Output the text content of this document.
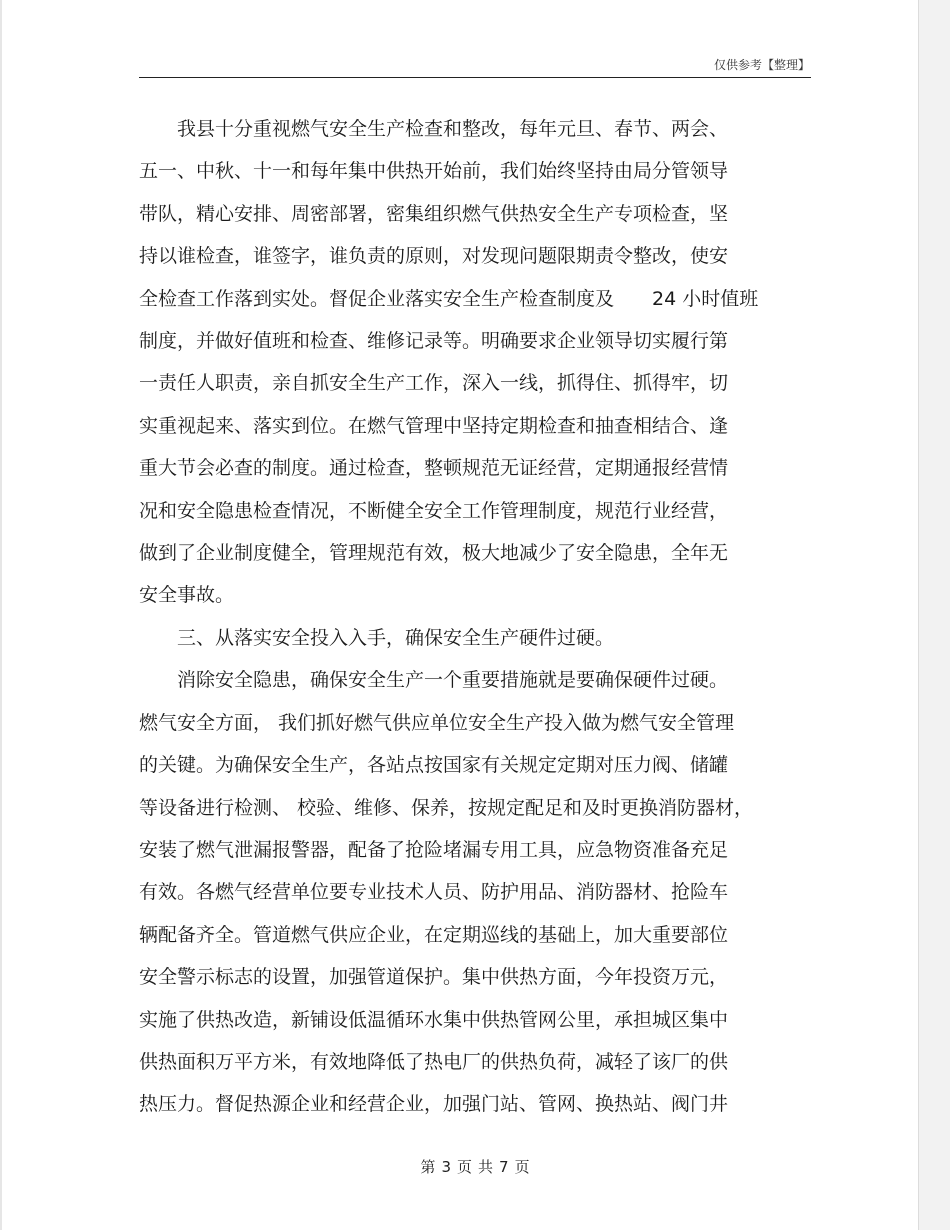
仅供参考【整理】

我县十分重视燃气安全生产检查和整改，每年元旦、春节、两会、
五一、中秋、十一和每年集中供热开始前，我们始终坚持由局分管领导
带队，精心安排、周密部署，密集组织燃气供热安全生产专项检查，坚
持以谁检查，谁签字，谁负责的原则，对发现问题限期责令整改，使安
全检查工作落到实处。督促企业落实安全生产检查制度及　　24 小时值班
制度，并做好值班和检查、维修记录等。明确要求企业领导切实履行第
一责任人职责，亲自抓安全生产工作，深入一线，抓得住、抓得牢，切
实重视起来、落实到位。在燃气管理中坚持定期检查和抽查相结合、逢
重大节会必查的制度。通过检查，整顿规范无证经营，定期通报经营情
况和安全隐患检查情况，不断健全安全工作管理制度，规范行业经营，
做到了企业制度健全，管理规范有效，极大地减少了安全隐患，全年无
安全事故。

三、从落实安全投入入手，确保安全生产硬件过硬。

消除安全隐患，确保安全生产一个重要措施就是要确保硬件过硬。
燃气安全方面， 我们抓好燃气供应单位安全生产投入做为燃气安全管理
的关键。为确保安全生产，各站点按国家有关规定定期对压力阀、储罐
等设备进行检测、 校验、维修、保养，按规定配足和及时更换消防器材，
安装了燃气泄漏报警器，配备了抢险堵漏专用工具，应急物资准备充足
有效。各燃气经营单位要专业技术人员、防护用品、消防器材、抢险车
辆配备齐全。管道燃气供应企业，在定期巡线的基础上，加大重要部位
安全警示标志的设置，加强管道保护。集中供热方面，今年投资万元，
实施了供热改造，新铺设低温循环水集中供热管网公里，承担城区集中
供热面积万平方米，有效地降低了热电厂的供热负荷，减轻了该厂的供
热压力。督促热源企业和经营企业，加强门站、管网、换热站、阀门井

第 3 页 共 7 页
